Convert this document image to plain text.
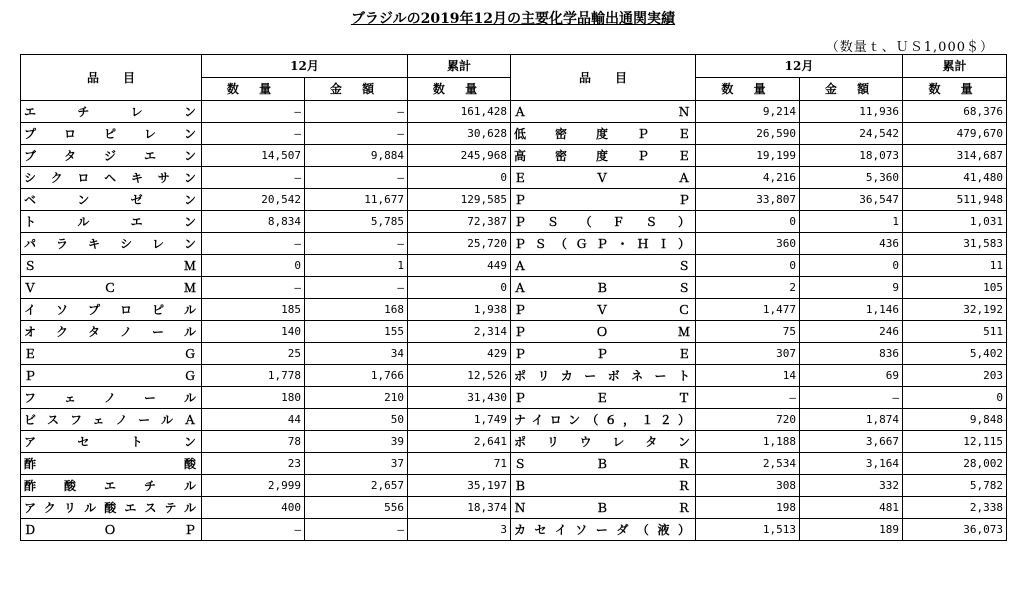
ブラジルの2019年12月の主要化学品輸出通関実績
（数量ｔ、ＵＳ1,000＄）
品　　目	12月		累計	品　　目	12月		累計
	数 量	金 額	数 量		数 量	金 額	数 量
エ チ レ ン	—	—	161,428	Ａ Ｎ	9,214	11,936	68,376
プ ロ ピ レ ン	—	—	30,628	低 密 度 Ｐ Ｅ	26,590	24,542	479,670
ブ タ ジ エ ン	14,507	9,884	245,968	高 密 度 Ｐ Ｅ	19,199	18,073	314,687
シクロヘキサン	—	—	0	Ｅ Ｖ Ａ	4,216	5,360	41,480
ベ ン ゼ ン	20,542	11,677	129,585	Ｐ Ｐ	33,807	36,547	511,948
ト ル エ ン	8,834	5,785	72,387	Ｐ Ｓ （ Ｆ Ｓ ）	0	1	1,031
パ ラ キ シ レ ン	—	—	25,720	ＰＳ（ＧＰ・ＨＩ）	360	436	31,583
Ｓ Ｍ	0	1	449	Ａ Ｓ	0	0	11
Ｖ Ｃ Ｍ	—	—	0	Ａ Ｂ Ｓ	2	9	105
イ ソ プ ロ ピ ル	185	168	1,938	Ｐ Ｖ Ｃ	1,477	1,146	32,192
オ ク タ ノ ー ル	140	155	2,314	Ｐ Ｏ Ｍ	75	246	511
Ｅ Ｇ	25	34	429	Ｐ Ｐ Ｅ	307	836	5,402
Ｐ Ｇ	1,778	1,766	12,526	ポリカーボネート	14	69	203
フ ェ ノ ー ル	180	210	31,430	Ｐ Ｅ Ｔ	—	—	0
ビスフェノールＡ	44	50	1,749	ナイロン（６，１２）	720	1,874	9,848
ア セ ト ン	78	39	2,641	ポ リ ウ レ タ ン	1,188	3,667	12,115
酢 酸	23	37	71	Ｓ Ｂ Ｒ	2,534	3,164	28,002
酢 酸 エ チ ル	2,999	2,657	35,197	Ｂ Ｒ	308	332	5,782
アクリル酸エステル	400	556	18,374	Ｎ Ｂ Ｒ	198	481	2,338
Ｄ Ｏ Ｐ	—	—	3	カセイソーダ（液）	1,513	189	36,073
